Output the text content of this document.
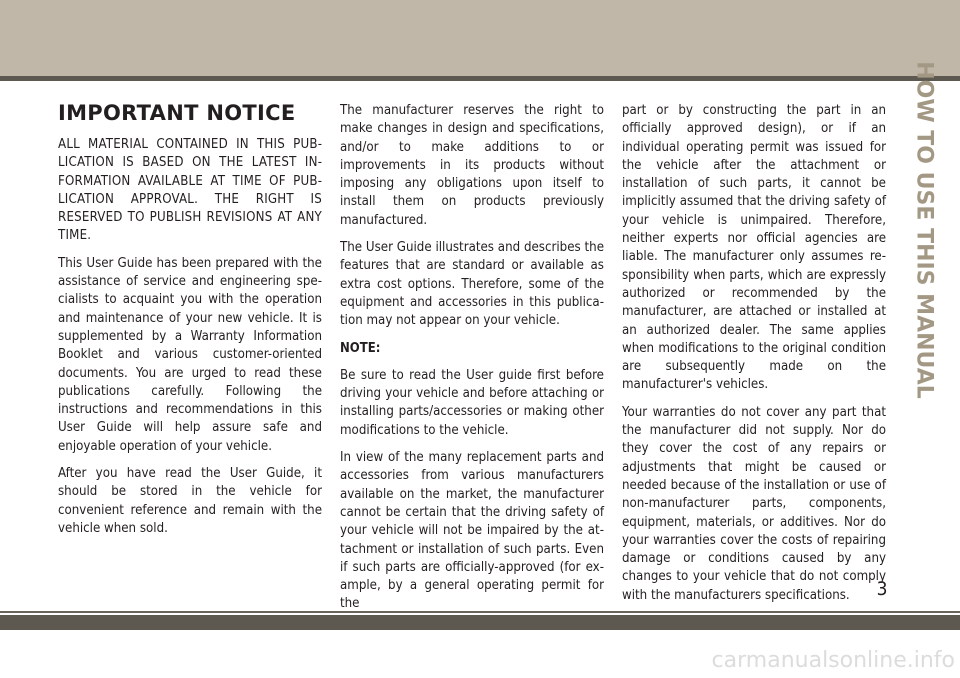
HOW TO USE THIS MANUAL
IMPORTANT NOTICE

ALL MATERIAL CONTAINED IN THIS PUBLICATION IS BASED ON THE LATEST INFORMATION AVAILABLE AT TIME OF PUBLICATION APPROVAL. THE RIGHT IS RESERVED TO PUBLISH REVISIONS AT ANY TIME.

This User Guide has been prepared with the assistance of service and engineering specialists to acquaint you with the operation and maintenance of your new vehicle. It is supplemented by a Warranty Information Booklet and various customer-oriented documents. You are urged to read these publications carefully. Following the instructions and recommendations in this User Guide will help assure safe and enjoyable operation of your vehicle.

After you have read the User Guide, it should be stored in the vehicle for convenient reference and remain with the vehicle when sold.

The manufacturer reserves the right to make changes in design and specifications, and/or to make additions to or improvements in its products without imposing any obligations upon itself to install them on products previously manufactured.

The User Guide illustrates and describes the features that are standard or available as extra cost options. Therefore, some of the equipment and accessories in this publication may not appear on your vehicle.

NOTE:

Be sure to read the User guide first before driving your vehicle and before attaching or installing parts/accessories or making other modifications to the vehicle.

In view of the many replacement parts and accessories from various manufacturers available on the market, the manufacturer cannot be certain that the driving safety of your vehicle will not be impaired by the attachment or installation of such parts. Even if such parts are officially-approved (for example, by a general operating permit for the

part or by constructing the part in an officially approved design), or if an individual operating permit was issued for the vehicle after the attachment or installation of such parts, it cannot be implicitly assumed that the driving safety of your vehicle is unimpaired. Therefore, neither experts nor official agencies are liable. The manufacturer only assumes responsibility when parts, which are expressly authorized or recommended by the manufacturer, are attached or installed at an authorized dealer. The same applies when modifications to the original condition are subsequently made on the manufacturer's vehicles.

Your warranties do not cover any part that the manufacturer did not supply. Nor do they cover the cost of any repairs or adjustments that might be caused or needed because of the installation or use of non-manufacturer parts, components, equipment, materials, or additives. Nor do your warranties cover the costs of repairing damage or conditions caused by any changes to your vehicle that do not comply with the manufacturers specifications.	3
carmanualsonline.info
